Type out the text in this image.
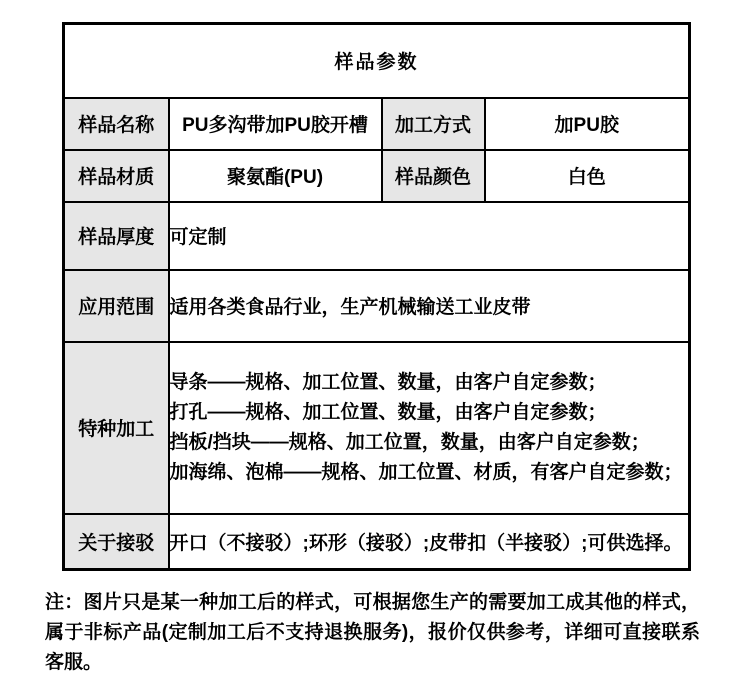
样品参数			
样品名称	PU多沟带加PU胶开槽	加工方式	加PU胶
样品材质	聚氨酯(PU)	样品颜色	白色
样品厚度	可定制		
应用范围	适用各类食品行业，生产机械输送工业皮带		
特种加工	导条——规格、加工位置、数量，由客户自定参数；
打孔——规格、加工位置、数量，由客户自定参数；
挡板/挡块——规格、加工位置，数量，由客户自定参数；
加海绵、泡棉——规格、加工位置、材质，有客户自定参数；		

关于接驳	开口（不接驳）;环形（接驳）;皮带扣（半接驳）;可供选择。		
注：图片只是某一种加工后的样式，可根据您生产的需要加工成其他的样式，属于非标产品(定制加工后不支持退换服务)，报价仅供参考，详细可直接联系客服。
